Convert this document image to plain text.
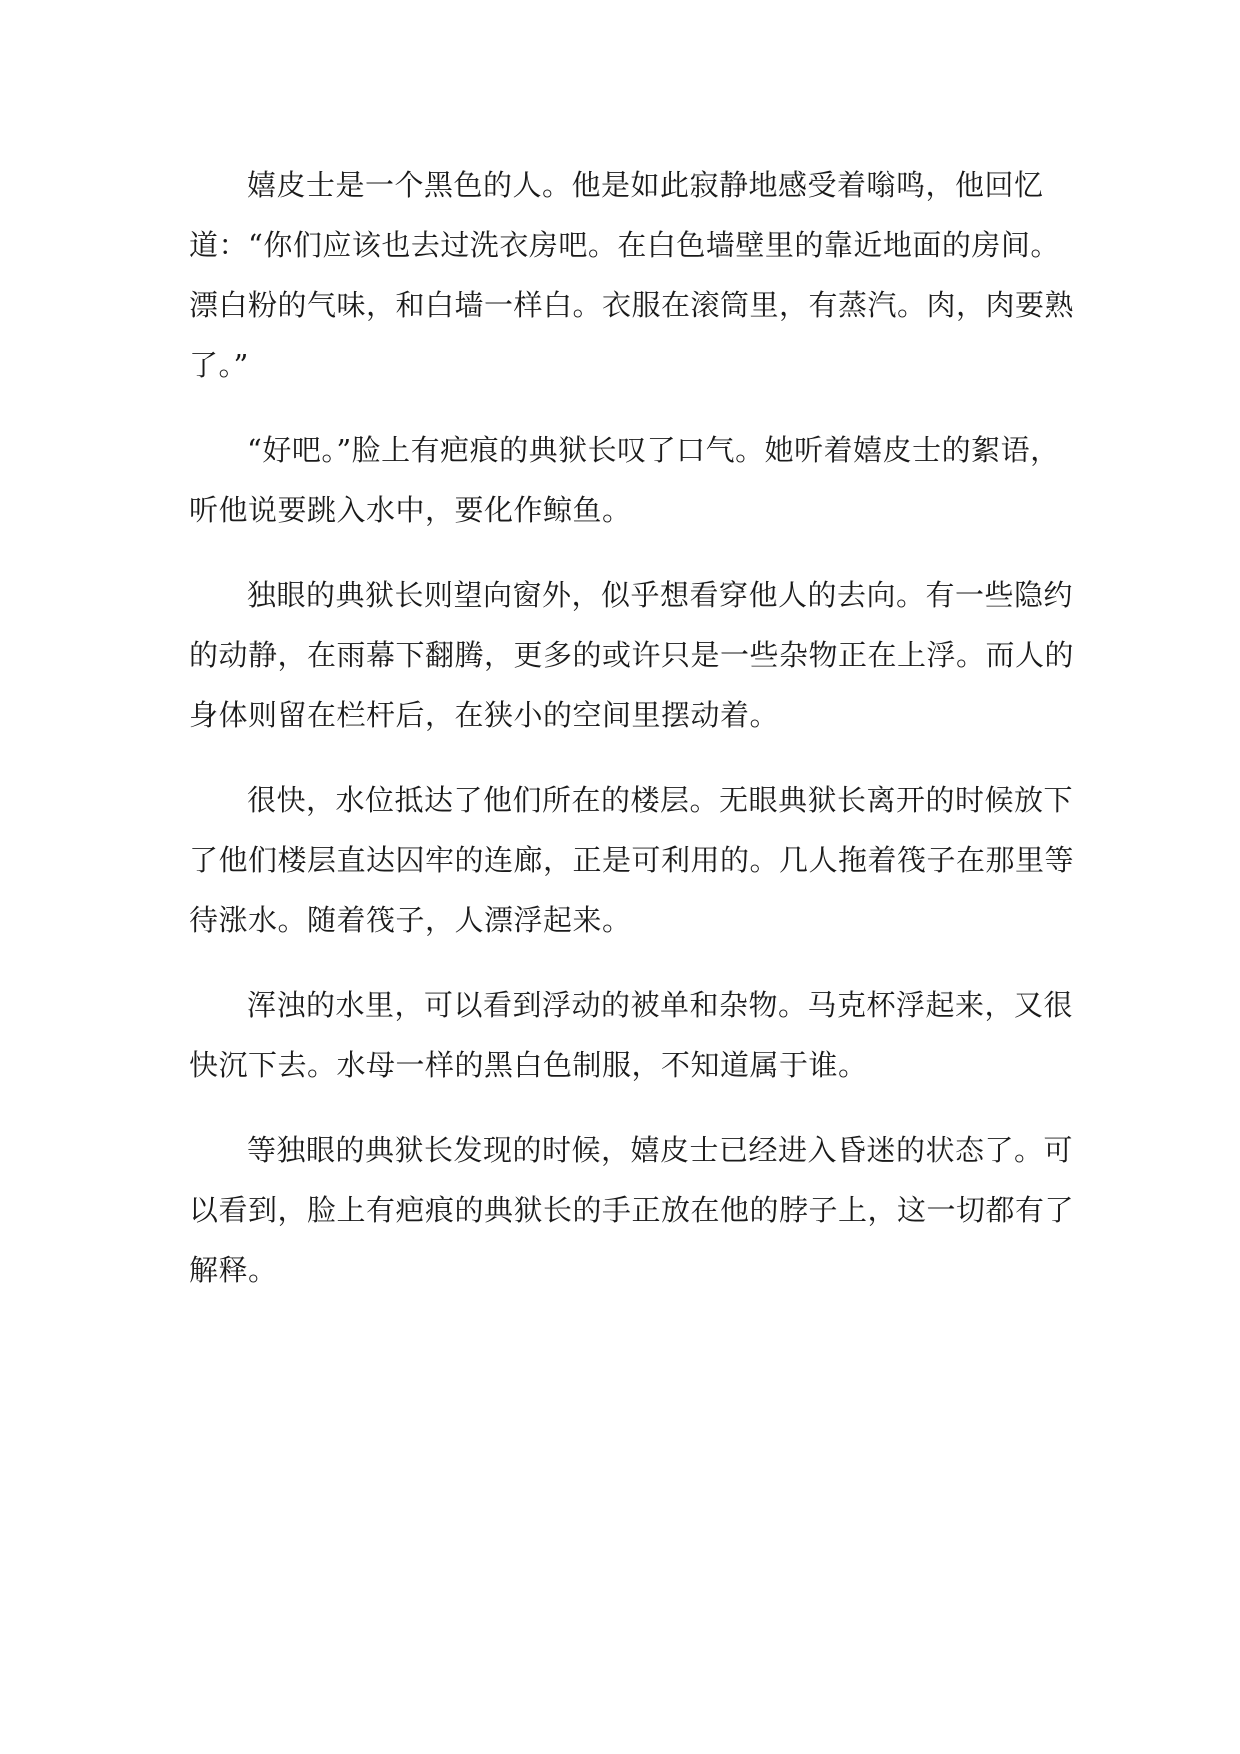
嬉皮士是一个黑色的人。他是如此寂静地感受着嗡鸣，他回忆道：“你们应该也去过洗衣房吧。在白色墙壁里的靠近地面的房间。漂白粉的气味，和白墙一样白。衣服在滚筒里，有蒸汽。肉，肉要熟了。”

“好吧。”脸上有疤痕的典狱长叹了口气。她听着嬉皮士的絮语，听他说要跳入水中，要化作鲸鱼。

独眼的典狱长则望向窗外，似乎想看穿他人的去向。有一些隐约的动静，在雨幕下翻腾，更多的或许只是一些杂物正在上浮。而人的身体则留在栏杆后，在狭小的空间里摆动着。

很快，水位抵达了他们所在的楼层。无眼典狱长离开的时候放下了他们楼层直达囚牢的连廊，正是可利用的。几人拖着筏子在那里等待涨水。随着筏子，人漂浮起来。

浑浊的水里，可以看到浮动的被单和杂物。马克杯浮起来，又很快沉下去。水母一样的黑白色制服，不知道属于谁。

等独眼的典狱长发现的时候，嬉皮士已经进入昏迷的状态了。可以看到，脸上有疤痕的典狱长的手正放在他的脖子上，这一切都有了解释。
